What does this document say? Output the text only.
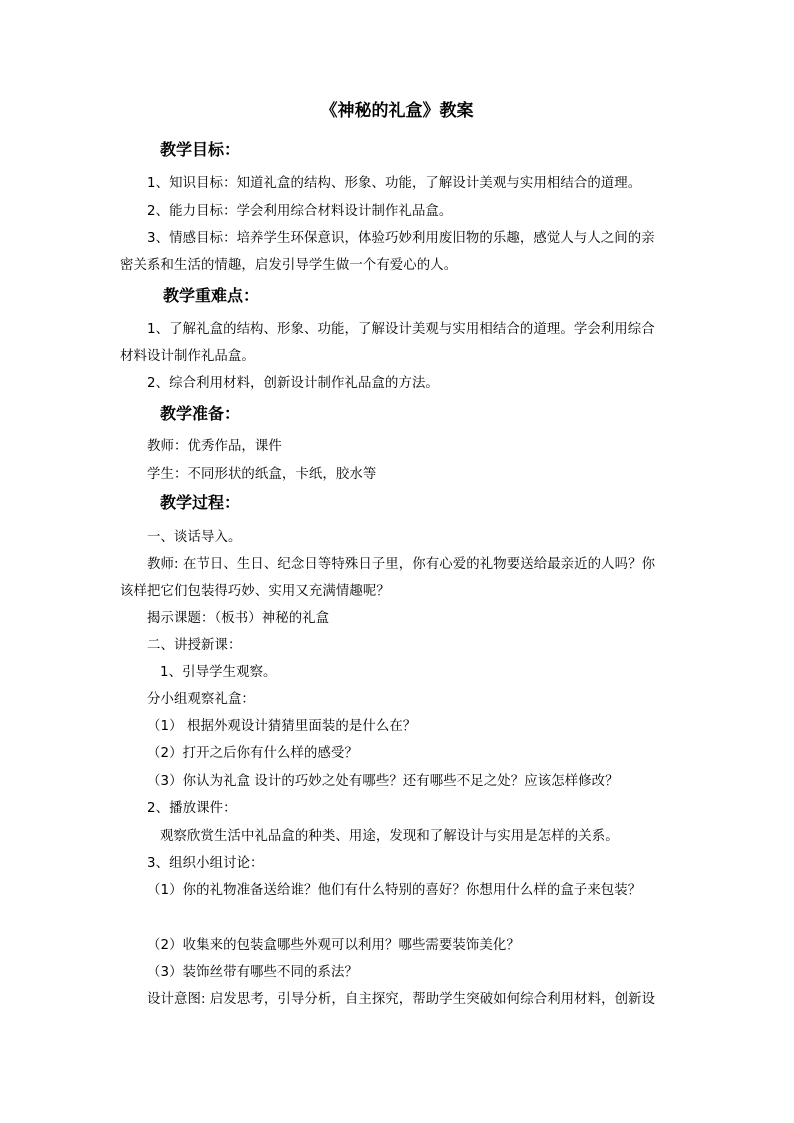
《神秘的礼盒》教案
教学目标：
1、知识目标：知道礼盒的结构、形象、功能，了解设计美观与实用相结合的道理。
2、能力目标：学会利用综合材料设计制作礼品盒。
3、情感目标：培养学生环保意识，体验巧妙利用废旧物的乐趣，感觉人与人之间的亲
密关系和生活的情趣，启发引导学生做一个有爱心的人。
教学重难点：
1、了解礼盒的结构、形象、功能，了解设计美观与实用相结合的道理。学会利用综合
材料设计制作礼品盒。
2、综合利用材料，创新设计制作礼品盒的方法。
教学准备：
教师：优秀作品，课件
学生：不同形状的纸盒，卡纸，胶水等
教学过程：
一、谈话导入。
教师: 在节日、生日、纪念日等特殊日子里，你有心爱的礼物要送给最亲近的人吗？你
该样把它们包装得巧妙、实用又充满情趣呢？
揭示课题：（板书）神秘的礼盒
二、讲授新课：
1、引导学生观察。
分小组观察礼盒：
（1） 根据外观设计猜猜里面装的是什么在？
（2）打开之后你有什么样的感受？
（3）你认为礼盒 设计的巧妙之处有哪些？还有哪些不足之处？应该怎样修改？
2、播放课件：
观察欣赏生活中礼品盒的种类、用途，发现和了解设计与实用是怎样的关系。
3、组织小组讨论：
（1）你的礼物准备送给谁？他们有什么特别的喜好？你想用什么样的盒子来包装？
（2）收集来的包装盒哪些外观可以利用？哪些需要装饰美化？
（3）装饰丝带有哪些不同的系法？
设计意图: 启发思考，引导分析，自主探究，帮助学生突破如何综合利用材料，创新设
